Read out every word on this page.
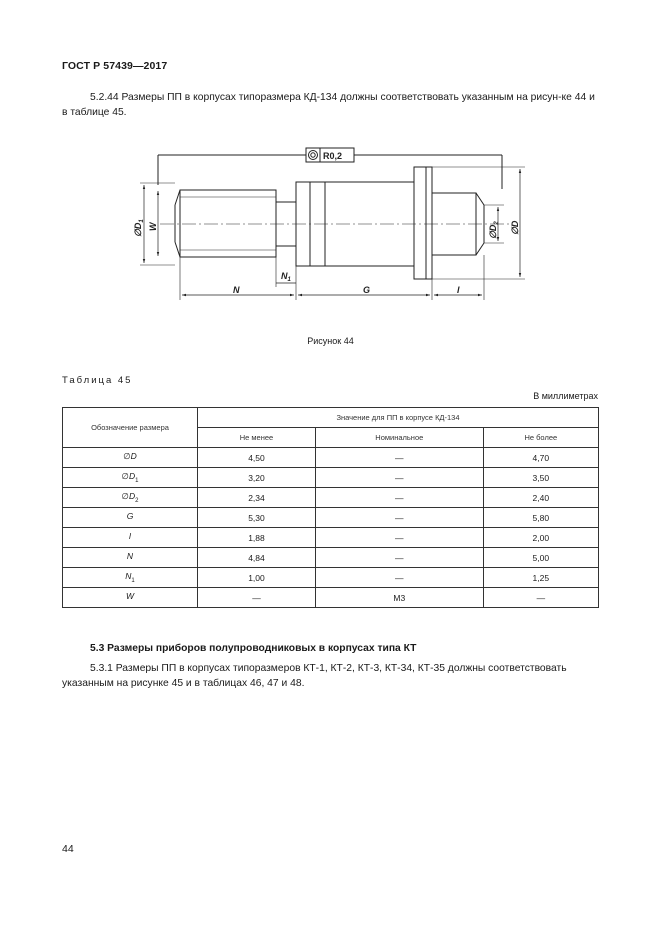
ГОСТ Р 57439—2017
5.2.44 Размеры ПП в корпусах типоразмера КД-134 должны соответствовать указанным на рисун-ке 44 и в таблице 45.
R0,2
$\emptyset D_1$
W	$\emptyset D_2$ ∅D
N
$N_1$
G	l
Рисунок 44
Таблица 45
В миллиметрах
Обозначение размера	Значение для ПП в корпусе КД-134		
	Не менее	Номинальное	Не более
∅D	4,50	—	4,70
$\emptyset D_1$	3,20	—	3,50
$\emptyset D_2$	2,34	—	2,40
G	5,30	—	5,80
l	1,88	—	2,00
N	4,84	—	5,00
$N_1$	1,00	—	1,25
W	—	М3	—
5.3 Размеры приборов полупроводниковых в корпусах типа КТ
5.3.1 Размеры ПП в корпусах типоразмеров КТ-1, КТ-2, КТ-3, КТ-34, КТ-35 должны соответствовать указанным на рисунке 45 и в таблицах 46, 47 и 48.
44
